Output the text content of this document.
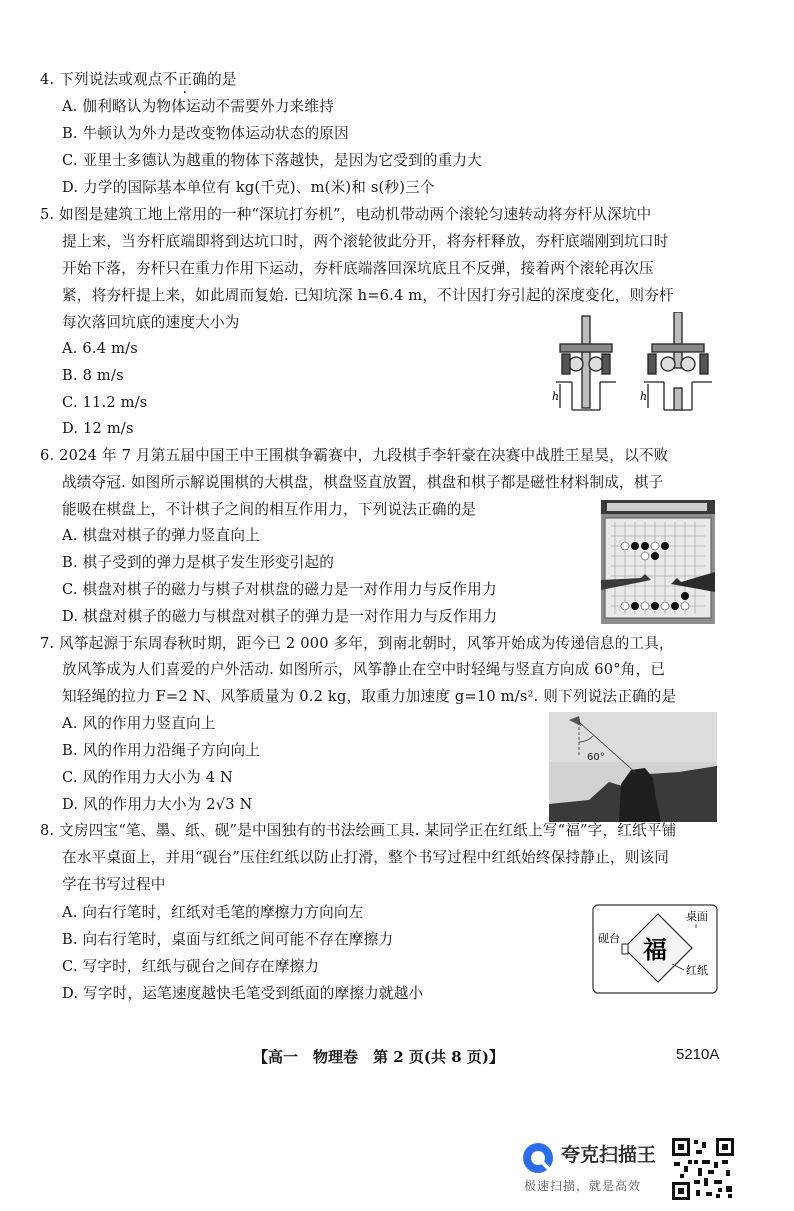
4. 下列说法或观点不正确的是
A. 伽利略认为物体运动不需要外力来维持
B. 牛顿认为外力是改变物体运动状态的原因
C. 亚里士多德认为越重的物体下落越快，是因为它受到的重力大
D. 力学的国际基本单位有 kg(千克)、m(米)和 s(秒)三个
5. 如图是建筑工地上常用的一种“深坑打夯机”，电动机带动两个滚轮匀速转动将夯杆从深坑中
提上来，当夯杆底端即将到达坑口时，两个滚轮彼此分开，将夯杆释放，夯杆底端刚到坑口时
开始下落，夯杆只在重力作用下运动，夯杆底端落回深坑底且不反弹，接着两个滚轮再次压
紧，将夯杆提上来，如此周而复始. 已知坑深 h=6.4 m，不计因打夯引起的深度变化，则夯杆
每次落回坑底的速度大小为
A. 6.4 m/s
B. 8 m/s
C. 11.2 m/s
D. 12 m/s
h	h
6. 2024 年 7 月第五届中国王中王围棋争霸赛中，九段棋手李轩豪在决赛中战胜王星昊，以不败
战绩夺冠. 如图所示解说围棋的大棋盘，棋盘竖直放置，棋盘和棋子都是磁性材料制成，棋子
能吸在棋盘上，不计棋子之间的相互作用力，下列说法正确的是
A. 棋盘对棋子的弹力竖直向上
B. 棋子受到的弹力是棋子发生形变引起的
C. 棋盘对棋子的磁力与棋子对棋盘的磁力是一对作用力与反作用力
D. 棋盘对棋子的磁力与棋盘对棋子的弹力是一对作用力与反作用力
7. 风筝起源于东周春秋时期，距今已 2 000 多年，到南北朝时，风筝开始成为传递信息的工具，
放风筝成为人们喜爱的户外活动. 如图所示，风筝静止在空中时轻绳与竖直方向成 60°角，已
知轻绳的拉力 F=2 N、风筝质量为 0.2 kg，取重力加速度 g=10 m/s². 则下列说法正确的是
A. 风的作用力竖直向上
B. 风的作用力沿绳子方向向上
C. 风的作用力大小为 4 N
D. 风的作用力大小为 2√3 N
60°
8. 文房四宝“笔、墨、纸、砚”是中国独有的书法绘画工具. 某同学正在红纸上写“福”字，红纸平铺
在水平桌面上，并用“砚台”压住红纸以防止打滑，整个书写过程中红纸始终保持静止，则该同
学在书写过程中
A. 向右行笔时，红纸对毛笔的摩擦力方向向左
B. 向右行笔时，桌面与红纸之间可能不存在摩擦力
C. 写字时，红纸与砚台之间存在摩擦力
D. 写字时，运笔速度越快毛笔受到纸面的摩擦力就越小
福
桌面
砚台
红纸
【高一　物理卷　第 2 页(共 8 页)】	5210A
夸克扫描王
极速扫描，就是高效
